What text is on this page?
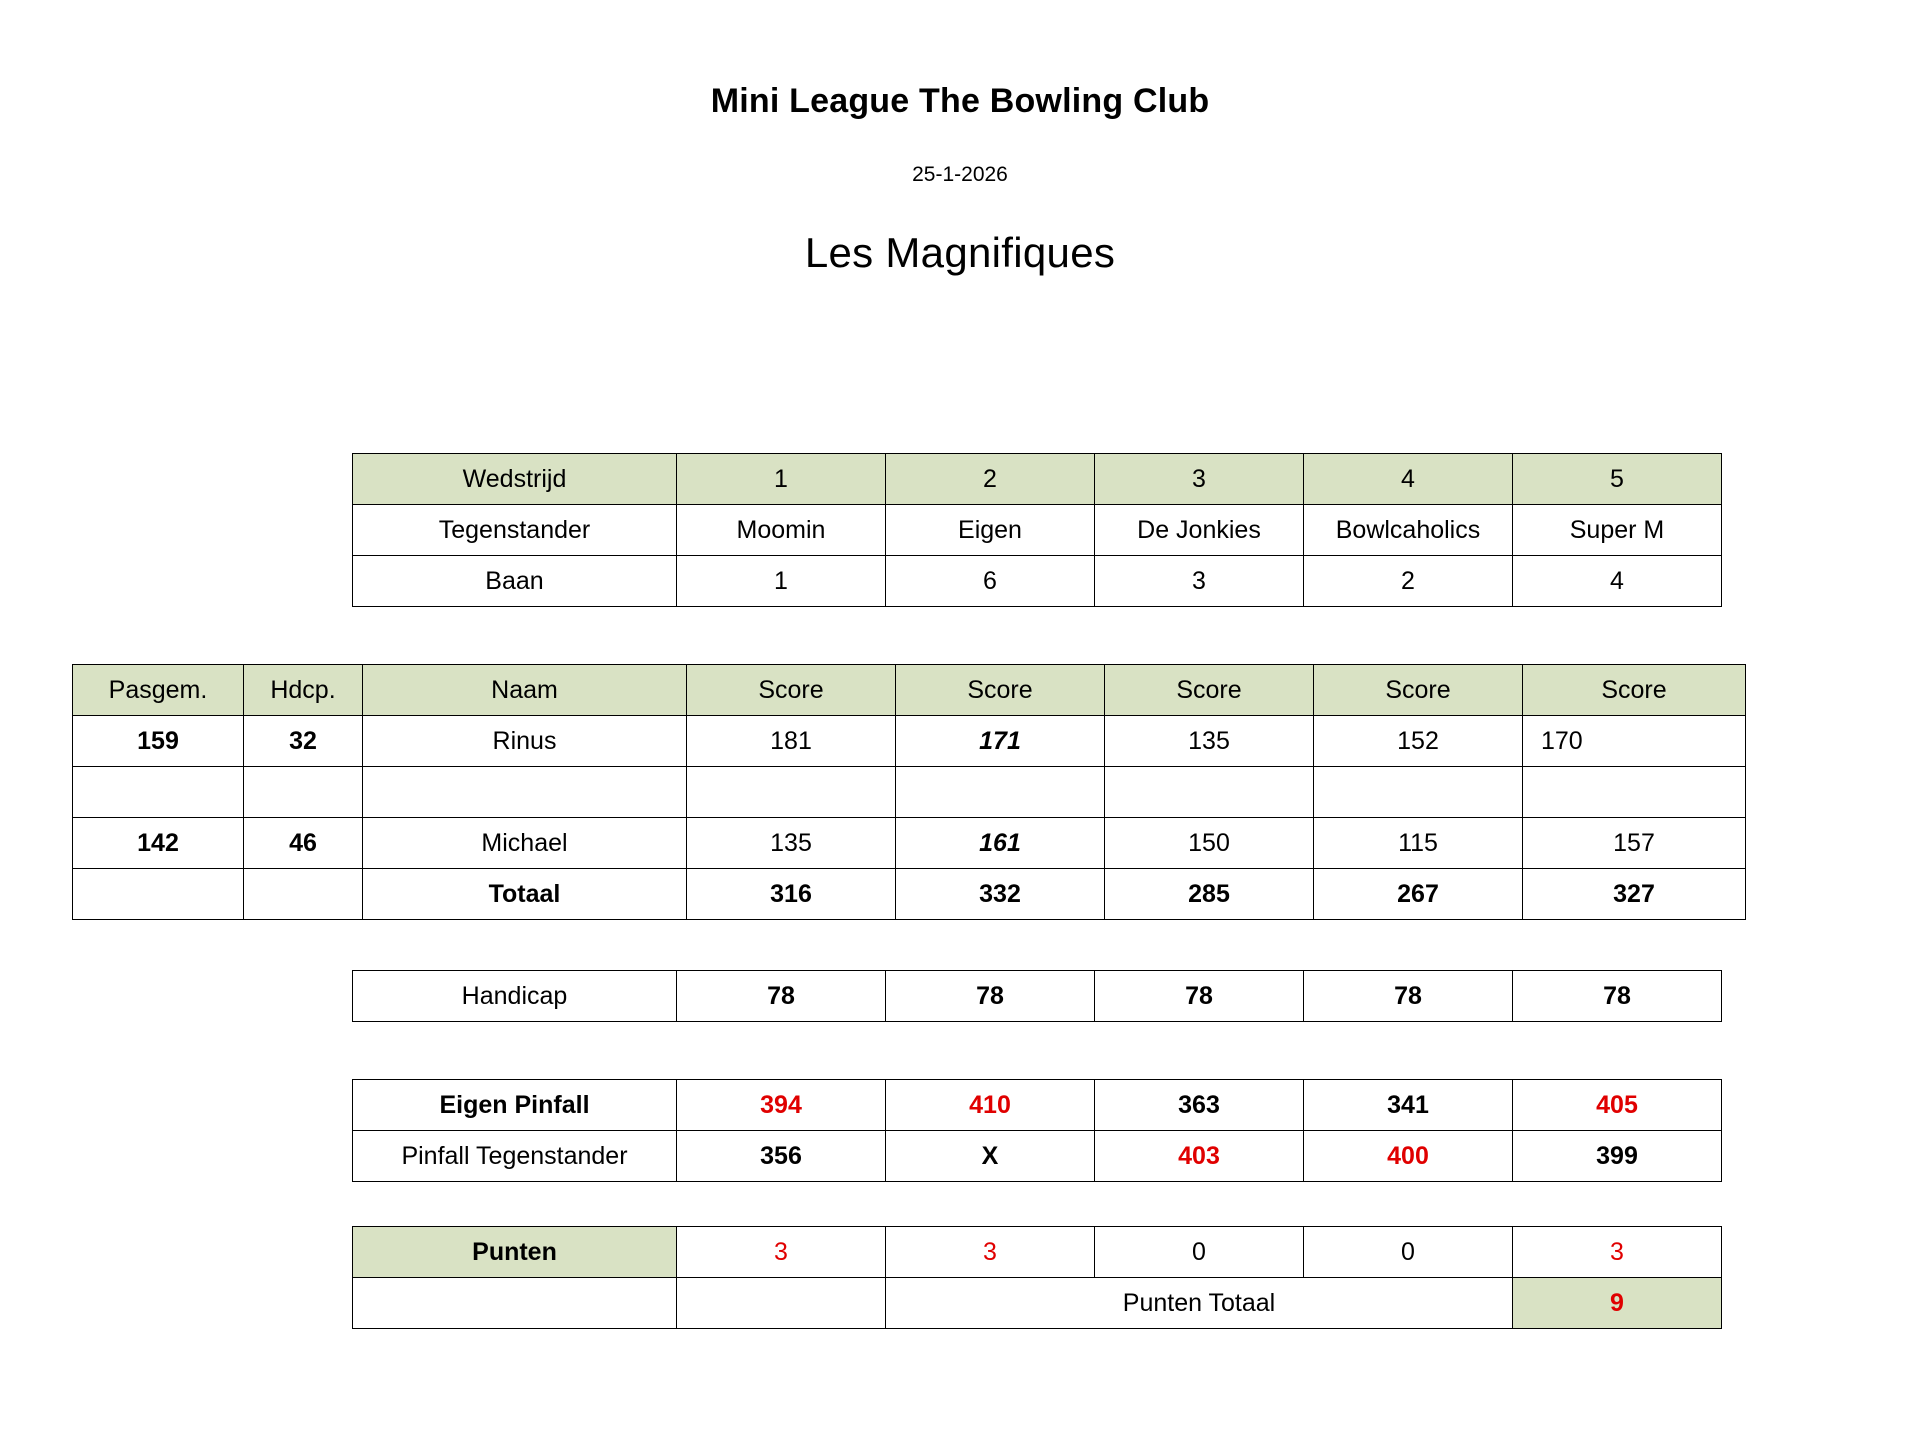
Mini League The Bowling Club
25-1-2026
Les Magnifiques
Wedstrijd	1	2	3	4	5
Tegenstander	Moomin	Eigen	De Jonkies	Bowlcaholics	Super M
Baan	1	6	3	2	4
Pasgem.	Hdcp.	Naam	Score	Score	Score	Score	Score
159	32	Rinus	181	171	135	152	170

142	46	Michael	135	161	150	115	157
		Totaal	316	332	285	267	327
Handicap	78	78	78	78	78
Eigen Pinfall	394	410	363	341	405
Pinfall Tegenstander	356	X	403	400	399
Punten	3	3	0	0	3
		Punten Totaal			9
